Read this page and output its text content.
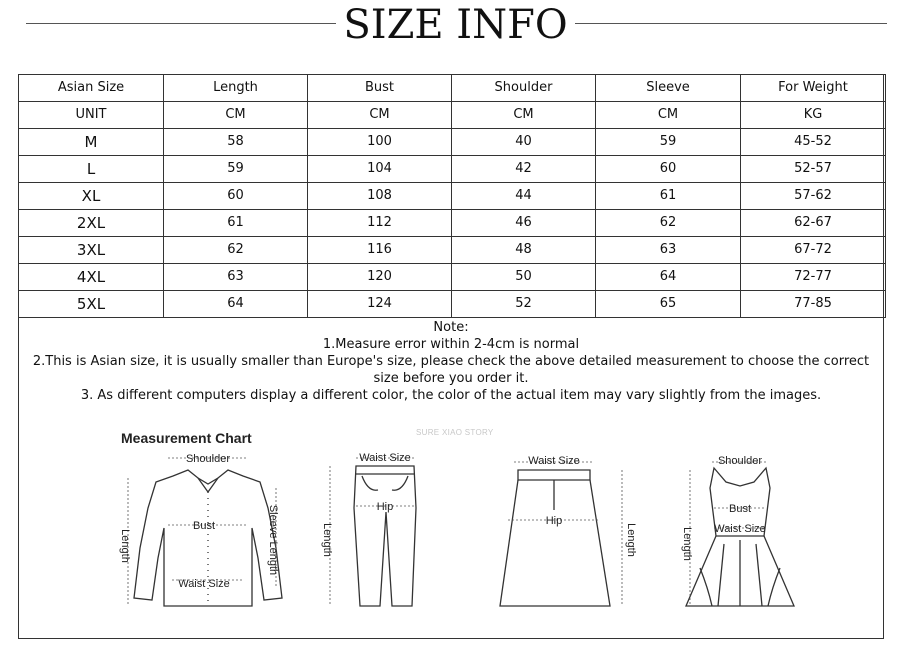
SIZE INFO
Asian Size	Length	Bust	Shoulder	Sleeve	For Weight
UNIT	CM	CM	CM	CM	KG
M	58	100	40	59	45-52
L	59	104	42	60	52-57
XL	60	108	44	61	57-62
2XL	61	112	46	62	62-67
3XL	62	116	48	63	67-72
4XL	63	120	50	64	72-77
5XL	64	124	52	65	77-85
Note:
1.Measure error within 2-4cm is normal
2.This is Asian size, it is usually smaller than Europe's size, please check the above detailed measurement to choose the correct size before you order it.
3. As different computers display a different color, the color of the actual item may vary slightly from the images.
Measurement Chart	SURE XIAO STORY
Shoulder
Bust
Waist Size
Length	Sleeve Length
Waist Size
Hip
Length
Waist Size
Hip
Length
Shoulder
Bust
Waist Size
Length
